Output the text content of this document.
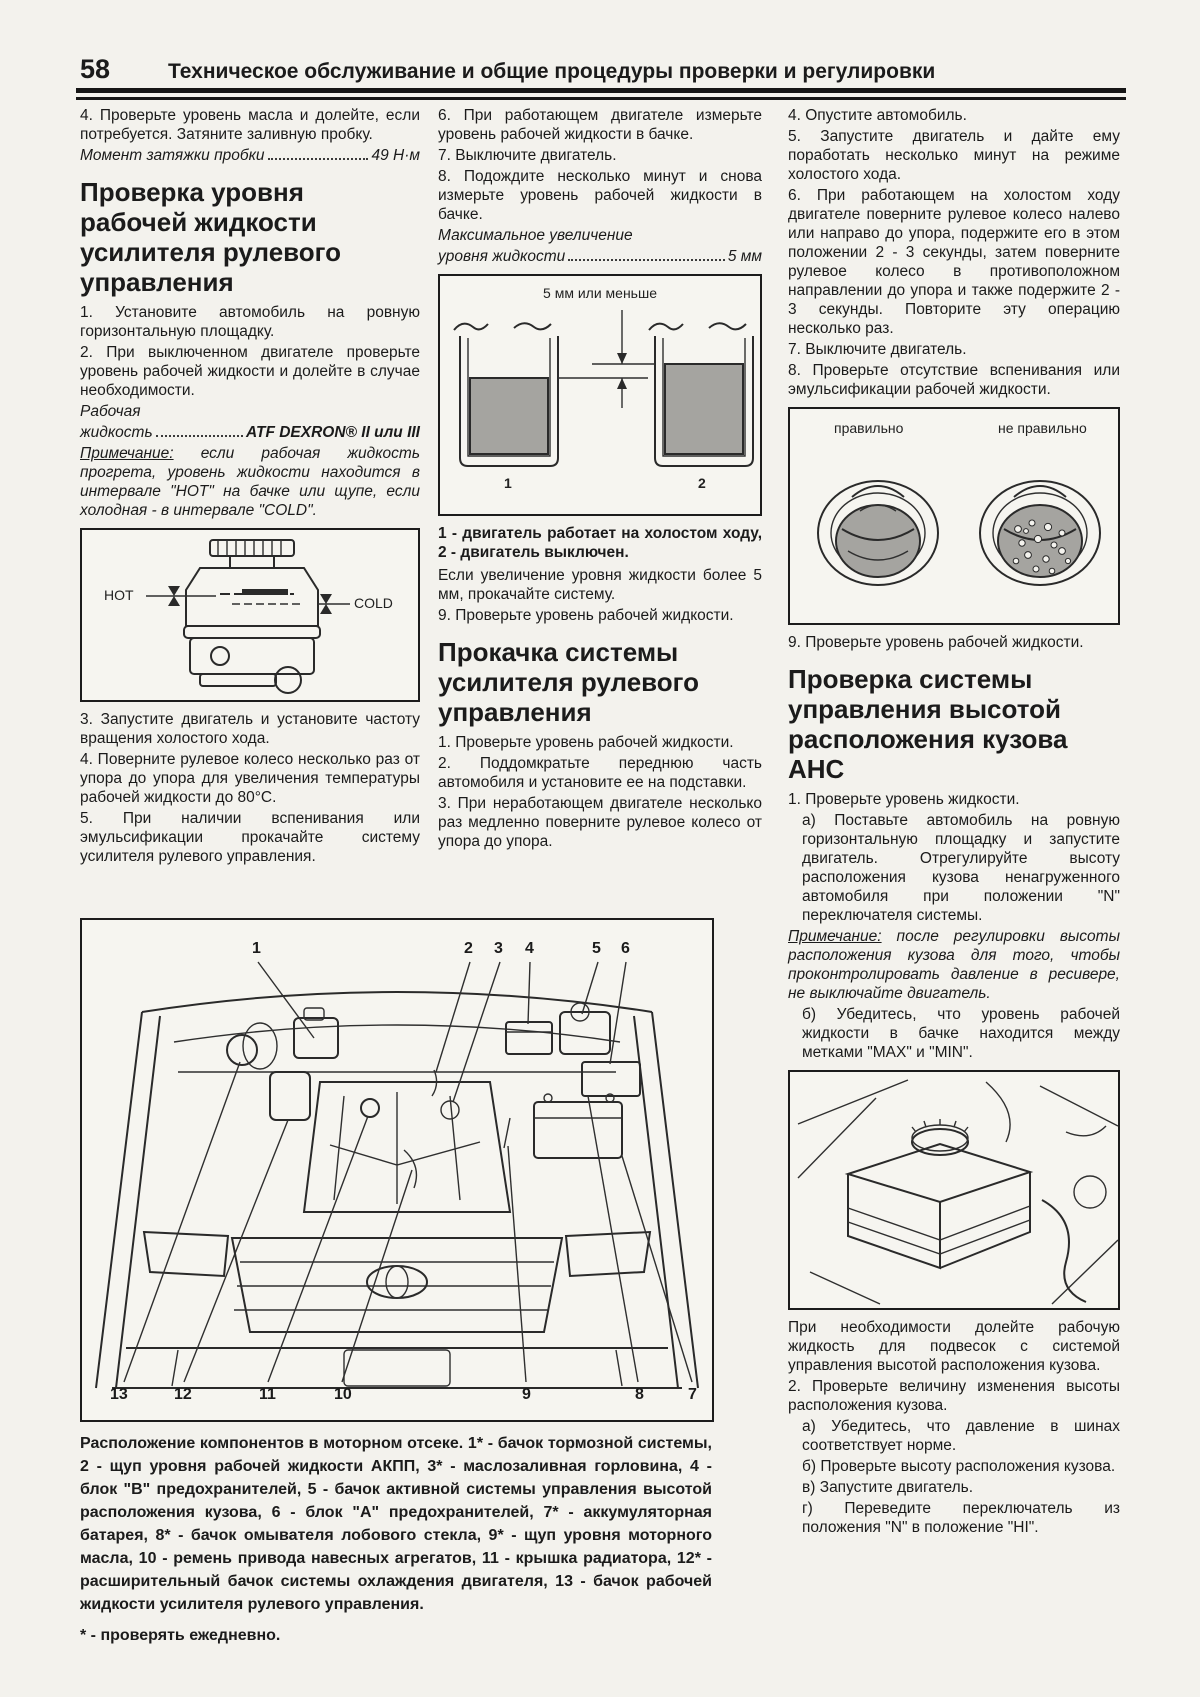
58	Техническое обслуживание и общие процедуры проверки и регулировки

4. Проверьте уровень масла и долейте, если потребуется. Затяните заливную пробку.

Момент затяжки пробки	49 Н·м
Проверка уровня рабочей жидкости усилителя рулевого управления

1. Установите автомобиль на ровную горизонтальную площадку.

2. При выключенном двигателе проверьте уровень рабочей жидкости и долейте в случае необходимости.

Рабочая

жидкость	ATF DEXRON® II или III

Примечание: если рабочая жидкость прогрета, уровень жидкости находится в интервале "HOT" на бачке или щупе, если холодная - в интервале "COLD".

HOT	COLD

3. Запустите двигатель и установите частоту вращения холостого хода.

4. Поверните рулевое колесо несколько раз от упора до упора для увеличения температуры рабочей жидкости до 80°C.

5. При наличии вспенивания или эмульсификации прокачайте систему усилителя рулевого управления.

6. При работающем двигателе измерьте уровень рабочей жидкости в бачке.

7. Выключите двигатель.

8. Подождите несколько минут и снова измерьте уровень рабочей жидкости в бачке.

Максимальное увеличение

уровня жидкости	5 мм
5 мм или меньше
1	2

1 - двигатель работает на холостом ходу, 2 - двигатель выключен.

Если увеличение уровня жидкости более 5 мм, прокачайте систему.

9. Проверьте уровень рабочей жидкости.

Прокачка системы усилителя рулевого управления

1. Проверьте уровень рабочей жидкости.

2. Поддомкратьте переднюю часть автомобиля и установите ее на подставки.

3. При неработающем двигателе несколько раз медленно поверните рулевое колесо от упора до упора.

4. Опустите автомобиль.

5. Запустите двигатель и дайте ему поработать несколько минут на режиме холостого хода.

6. При работающем на холостом ходу двигателе поверните рулевое колесо налево или направо до упора, подержите его в этом положении 2 - 3 секунды, затем поверните рулевое колесо в противоположном направлении до упора и также подержите 2 - 3 секунды. Повторите эту операцию несколько раз.

7. Выключите двигатель.

8. Проверьте отсутствие вспенивания или эмульсификации рабочей жидкости.

правильно	не правильно

9. Проверьте уровень рабочей жидкости.

Проверка системы управления высотой расположения кузова АНС

1. Проверьте уровень жидкости.

а) Поставьте автомобиль на ровную горизонтальную площадку и запустите двигатель. Отрегулируйте высоту расположения кузова ненагруженного автомобиля при положении "N" переключателя системы.

Примечание: после регулировки высоты расположения кузова для того, чтобы проконтролировать давление в ресивере, не выключайте двигатель.

б) Убедитесь, что уровень рабочей жидкости в бачке находится между метками "MAX" и "MIN".

При необходимости долейте рабочую жидкость для подвесок с системой управления высотой расположения кузова.

2. Проверьте величину изменения высоты расположения кузова.

а) Убедитесь, что давление в шинах соответствует норме.

б) Проверьте высоту расположения кузова.

в) Запустите двигатель.

г) Переведите переключатель из положения "N" в положение "HI".

1	2 3 4	5 6
13	12	11	10	9	8	7
Расположение компонентов в моторном отсеке. 1* - бачок тормозной системы, 2 - щуп уровня рабочей жидкости АКПП, 3* - маслозаливная горловина, 4 - блок "В" предохранителей, 5 - бачок активной системы управления высотой расположения кузова, 6 - блок "А" предохранителей, 7* - аккумуляторная батарея, 8* - бачок омывателя лобового стекла, 9* - щуп уровня моторного масла, 10 - ремень привода навесных агрегатов, 11 - крышка радиатора, 12* - расширительный бачок системы охлаждения двигателя, 13 - бачок рабочей жидкости усилителя рулевого управления.
* - проверять ежедневно.
